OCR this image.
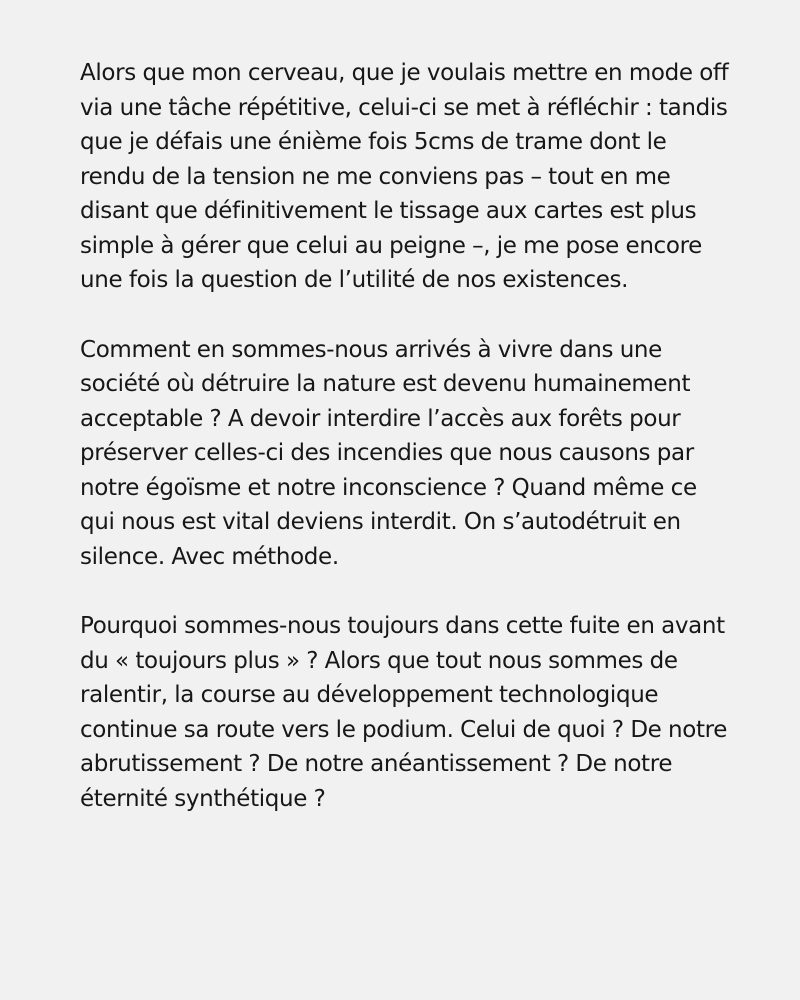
Alors que mon cerveau, que je voulais mettre en mode off via une tâche répétitive, celui-ci se met à réfléchir : tandis que je défais une énième fois 5cms de trame dont le rendu de la tension ne me conviens pas – tout en me disant que définitivement le tissage aux cartes est plus simple à gérer que celui au peigne –, je me pose encore une fois la question de l’utilité de nos existences.

Comment en sommes-nous arrivés à vivre dans une société où détruire la nature est devenu humainement acceptable ? A devoir interdire l’accès aux forêts pour préserver celles-ci des incendies que nous causons par notre égoïsme et notre inconscience ? Quand même ce qui nous est vital deviens interdit. On s’autodétruit en silence. Avec méthode.

Pourquoi sommes-nous toujours dans cette fuite en avant du « toujours plus » ? Alors que tout nous sommes de ralentir, la course au développement technologique continue sa route vers le podium. Celui de quoi ? De notre abrutissement ? De notre anéantissement ? De notre éternité synthétique ?
